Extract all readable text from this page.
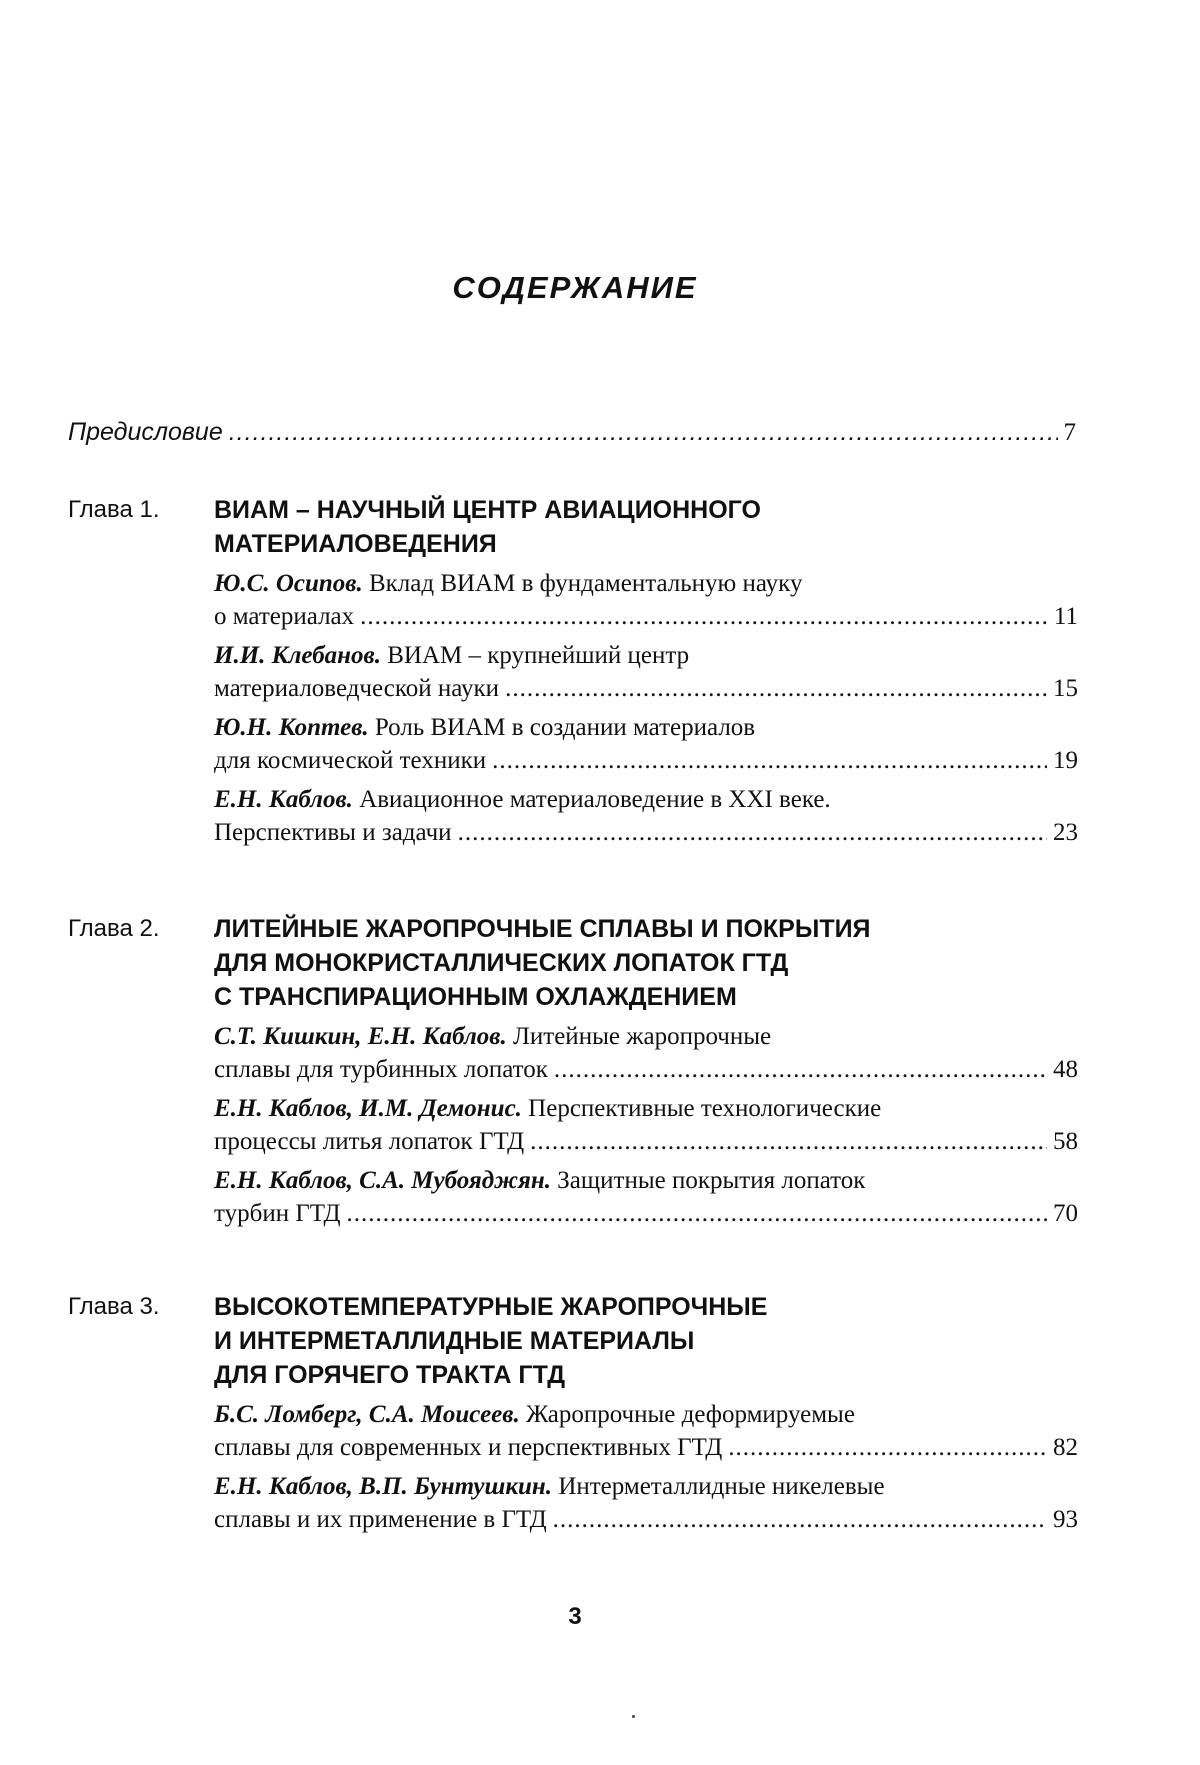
СОДЕРЖАНИЕ
Предисловие .....	7
Глава 1. ВИАМ – НАУЧНЫЙ ЦЕНТР АВИАЦИОННОГО
МАТЕРИАЛОВЕДЕНИЯ
Ю.С. Осипов. Вклад ВИАМ в фундаментальную науку
о материалах .....	11
И.И. Клебанов. ВИАМ – крупнейший центр
материаловедческой науки .....	15
Ю.Н. Коптев. Роль ВИАМ в создании материалов
для космической техники .....	19
Е.Н. Каблов. Авиационное материаловедение в XXI веке.
Перспективы и задачи .....	23
Глава 2. ЛИТЕЙНЫЕ ЖАРОПРОЧНЫЕ СПЛАВЫ И ПОКРЫТИЯ
ДЛЯ МОНОКРИСТАЛЛИЧЕСКИХ ЛОПАТОК ГТД
С ТРАНСПИРАЦИОННЫМ ОХЛАЖДЕНИЕМ
С.Т. Кишкин, Е.Н. Каблов. Литейные жаропрочные
сплавы для турбинных лопаток .....	48
Е.Н. Каблов, И.М. Демонис. Перспективные технологические
процессы литья лопаток ГТД .....	58
Е.Н. Каблов, С.А. Мубояджян. Защитные покрытия лопаток
турбин ГТД .....	70
Глава 3. ВЫСОКОТЕМПЕРАТУРНЫЕ ЖАРОПРОЧНЫЕ
И ИНТЕРМЕТАЛЛИДНЫЕ МАТЕРИАЛЫ
ДЛЯ ГОРЯЧЕГО ТРАКТА ГТД
Б.С. Ломберг, С.А. Моисеев. Жаропрочные деформируемые
сплавы для современных и перспективных ГТД .....	82
Е.Н. Каблов, В.П. Бунтушкин. Интерметаллидные никелевые
сплавы и их применение в ГТД .....	93
3
